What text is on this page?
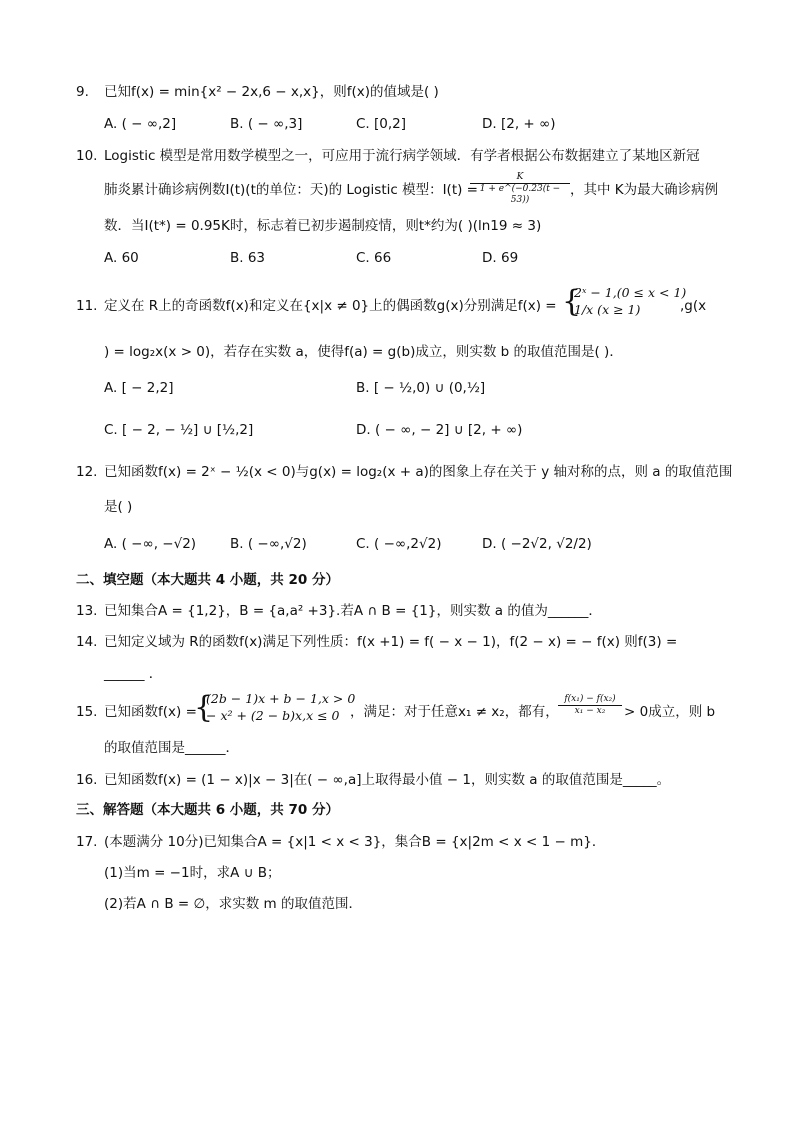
9.	已知f(x) = min{x² − 2x,6 − x,x}，则f(x)的值域是( )
A. ( − ∞,2]	B. ( − ∞,3]	C. [0,2]	D. [2, + ∞)
10. Logistic 模型是常用数学模型之一，可应用于流行病学领域．有学者根据公布数据建立了某地区新冠
肺炎累计确诊病例数I(t)(t的单位：天)的 Logistic 模型：I(t) =
$\frac{K}{1 + e\^{}(-0.23(t - 53))}$ ，其中 K为最大确诊病例
数．当I(t*) = 0.95K时，标志着已初步遏制疫情，则t*约为( )(ln19 ≈ 3)
A. 60	B. 63	C. 66	D. 69
11. 定义在 R上的奇函数f(x)和定义在{x|x ≠ 0}上的偶函数g(x)分别满足f(x) = {
2ˣ − 1,(0 ≤ x < 1)
1/x (x ≥ 1)	,g(x
) = log₂x(x > 0)，若存在实数 a，使得f(a) = g(b)成立，则实数 b 的取值范围是( )．
A. [ − 2,2]	B. [ − ½,0) ∪ (0,½]
C. [ − 2, − ½] ∪ [½,2]	D. ( − ∞, − 2] ∪ [2, + ∞)
12. 已知函数f(x) = 2ˣ − ½(x < 0)与g(x) = log₂(x + a)的图象上存在关于 y 轴对称的点，则 a 的取值范围
是( )
A. ( −∞, −√2)	B. ( −∞,√2)	C. ( −∞,2√2)	D. ( −2√2, √2/2)
二、填空题（本大题共 4 小题，共 20 分）
13. 已知集合A = {1,2}，B = {a,a² +3}.若A ∩ B = {1}，则实数 a 的值为______．
14. 已知定义域为 R的函数f(x)满足下列性质：f(x +1) = f( − x − 1)，f(2 − x) = − f(x) 则f(3) =
______ ．
15. 已知函数f(x) =
{
(2b − 1)x + b − 1,x > 0
− x² + (2 − b)x,x ≤ 0 ，满足：对于任意x₁ ≠ x₂，都有， $\frac{\text{f(x₁) − f(x₂)}}{\text{x₁ − x₂}} > 0$成立，则 b
的取值范围是______．
16. 已知函数f(x) = (1 − x)|x − 3|在( − ∞,a]上取得最小值 − 1，则实数 a 的取值范围是_____。
三、解答题（本大题共 6 小题，共 70 分）
17. (本题满分 10分)已知集合A = {x|1 < x < 3}，集合B = {x|2m < x < 1 − m}．
(1)当m = −1时，求A ∪ B；
(2)若A ∩ B = ∅，求实数 m 的取值范围．
